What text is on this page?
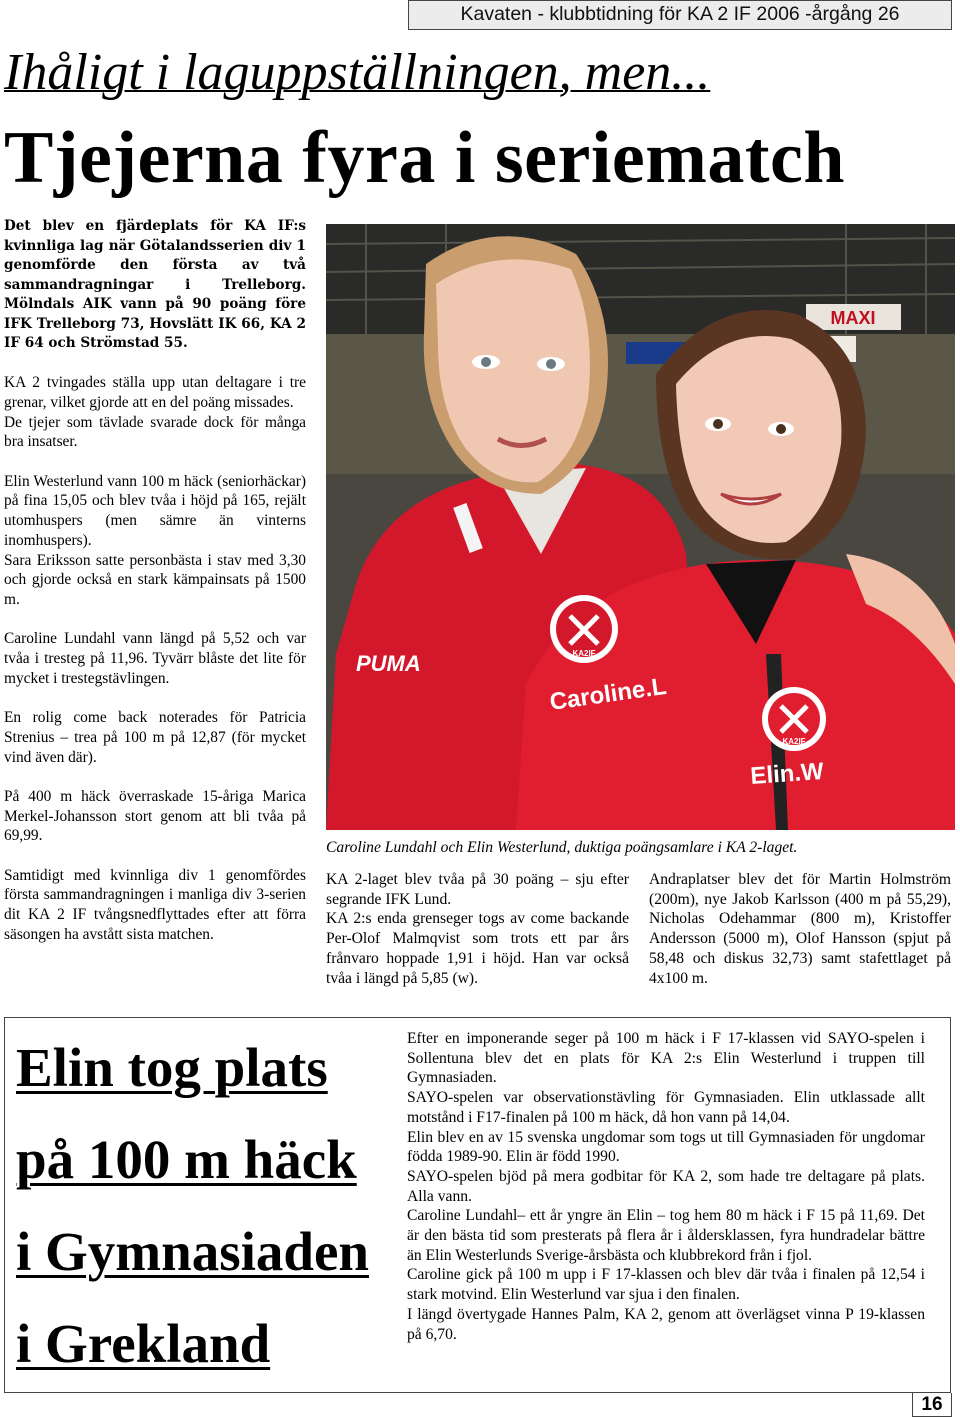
Kavaten - klubbtidning för KA 2 IF 2006 -årgång 26
Ihåligt i laguppställningen, men...
Tjejerna fyra i seriematch

Det blev en fjärdeplats för KA IF:s kvinnliga lag när Götalandsserien div 1 genomförde den första av två sammandragningar i Trelleborg. Mölndals AIK vann på 90 poäng före IFK Trelleborg 73, Hovslätt IK 66, KA 2 IF 64 och Strömstad 55.

KA 2 tvingades ställa upp utan deltagare i tre grenar, vilket gjorde att en del poäng missades.

De tjejer som tävlade svarade dock för många bra insatser.

Elin Westerlund vann 100 m häck (seniorhäckar) på fina 15,05 och blev tvåa i höjd på 165, rejält utomhuspers (men sämre än vinterns inomhuspers).

Sara Eriksson satte personbästa i stav med 3,30 och gjorde också en stark kämpainsats på 1500 m.

Caroline Lundahl vann längd på 5,52 och var tvåa i tresteg på 11,96. Tyvärr blåste det lite för mycket i trestegstävlingen.

En rolig come back noterades för Patricia Strenius – trea på 100 m på 12,87 (för mycket vind även där).

På 400 m häck överraskade 15-åriga Marica Merkel-Johansson stort genom att bli tvåa på 69,99.

Samtidigt med kvinnliga div 1 genomfördes första sammandragningen i manliga div 3-serien dit KA 2 IF tvångsnedflyttades efter att förra säsongen ha avstått sista matchen.

MAXI
PUMA	KA2IF
Caroline.L
KA2IF
Elin.W
Caroline Lundahl och Elin Westerlund, duktiga poängsamlare i KA 2-laget.

KA 2-laget blev tvåa på 30 poäng – sju efter segrande IFK Lund.

KA 2:s enda grenseger togs av come backande Per-Olof Malmqvist som trots ett par års frånvaro hoppade 1,91 i höjd. Han var också tvåa i längd på 5,85 (w).

Andraplatser blev det för Martin Holmström (200m), nye Jakob Karlsson (400 m på 55,29), Nicholas Odehammar (800 m), Kristoffer Andersson (5000 m), Olof Hansson (spjut på 58,48 och diskus 32,73) samt stafettlaget på 4x100 m.

Elin tog plats
på 100 m häck
i Gymnasiaden
i Grekland

Efter en imponerande seger på 100 m häck i F 17-klassen vid SAYO-spelen i Sollentuna blev det en plats för KA 2:s Elin Westerlund i truppen till Gymnasiaden.

SAYO-spelen var observationstävling för Gymnasiaden. Elin utklassade allt motstånd i F17-finalen på 100 m häck, då hon vann på 14,04.

Elin blev en av 15 svenska ungdomar som togs ut till Gymnasiaden för ungdomar födda 1989-90. Elin är född 1990.

SAYO-spelen bjöd på mera godbitar för KA 2, som hade tre deltagare på plats. Alla vann.

Caroline Lundahl– ett år yngre än Elin – tog hem 80 m häck i F 15 på 11,69. Det är den bästa tid som presterats på flera år i åldersklassen, fyra hundradelar bättre än Elin Westerlunds Sverige-årsbästa och klubbrekord från i fjol.

Caroline gick på 100 m upp i F 17-klassen och blev där tvåa i finalen på 12,54 i stark motvind. Elin Westerlund var sjua i den finalen.

I längd övertygade Hannes Palm, KA 2, genom att överlägset vinna P 19-klassen på 6,70.

16
